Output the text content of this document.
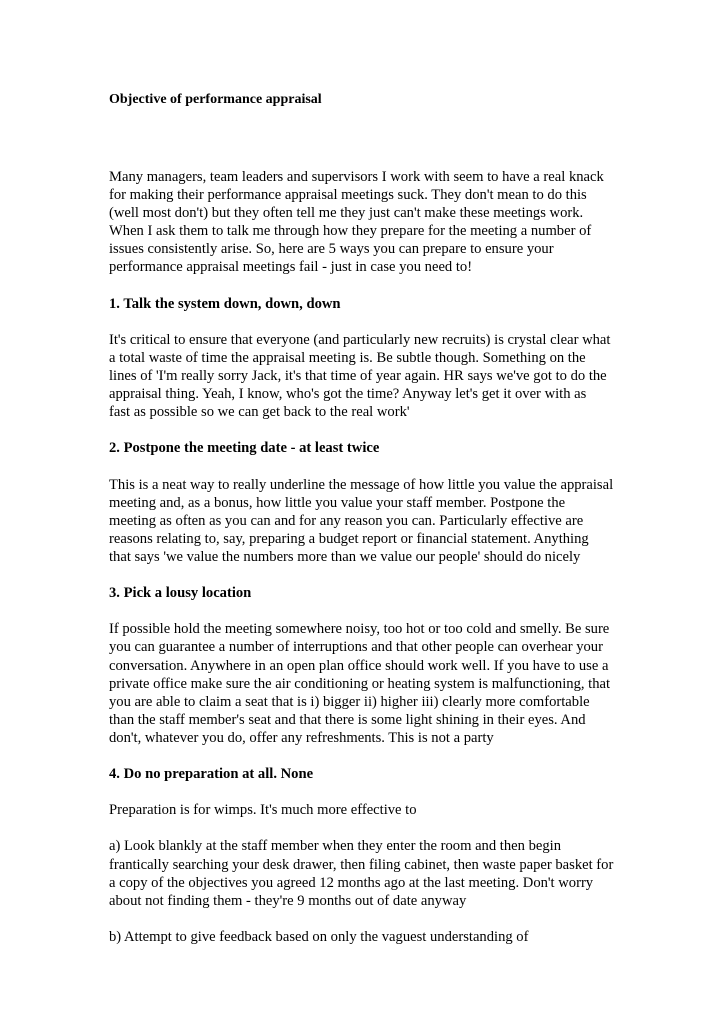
Objective of performance appraisal

Many managers, team leaders and supervisors I work with seem to have a real knack
for making their performance appraisal meetings suck. They don't mean to do this
(well most don't) but they often tell me they just can't make these meetings work.
When I ask them to talk me through how they prepare for the meeting a number of
issues consistently arise. So, here are 5 ways you can prepare to ensure your
performance appraisal meetings fail - just in case you need to!

1. Talk the system down, down, down

It's critical to ensure that everyone (and particularly new recruits) is crystal clear what
a total waste of time the appraisal meeting is. Be subtle though. Something on the
lines of 'I'm really sorry Jack, it's that time of year again. HR says we've got to do the
appraisal thing. Yeah, I know, who's got the time? Anyway let's get it over with as
fast as possible so we can get back to the real work'

2. Postpone the meeting date - at least twice

This is a neat way to really underline the message of how little you value the appraisal
meeting and, as a bonus, how little you value your staff member. Postpone the
meeting as often as you can and for any reason you can. Particularly effective are
reasons relating to, say, preparing a budget report or financial statement. Anything
that says 'we value the numbers more than we value our people' should do nicely

3. Pick a lousy location

If possible hold the meeting somewhere noisy, too hot or too cold and smelly. Be sure
you can guarantee a number of interruptions and that other people can overhear your
conversation. Anywhere in an open plan office should work well. If you have to use a
private office make sure the air conditioning or heating system is malfunctioning, that
you are able to claim a seat that is i) bigger ii) higher iii) clearly more comfortable
than the staff member's seat and that there is some light shining in their eyes. And
don't, whatever you do, offer any refreshments. This is not a party

4. Do no preparation at all. None

Preparation is for wimps. It's much more effective to

a) Look blankly at the staff member when they enter the room and then begin
frantically searching your desk drawer, then filing cabinet, then waste paper basket for
a copy of the objectives you agreed 12 months ago at the last meeting. Don't worry
about not finding them - they're 9 months out of date anyway

b) Attempt to give feedback based on only the vaguest understanding of
